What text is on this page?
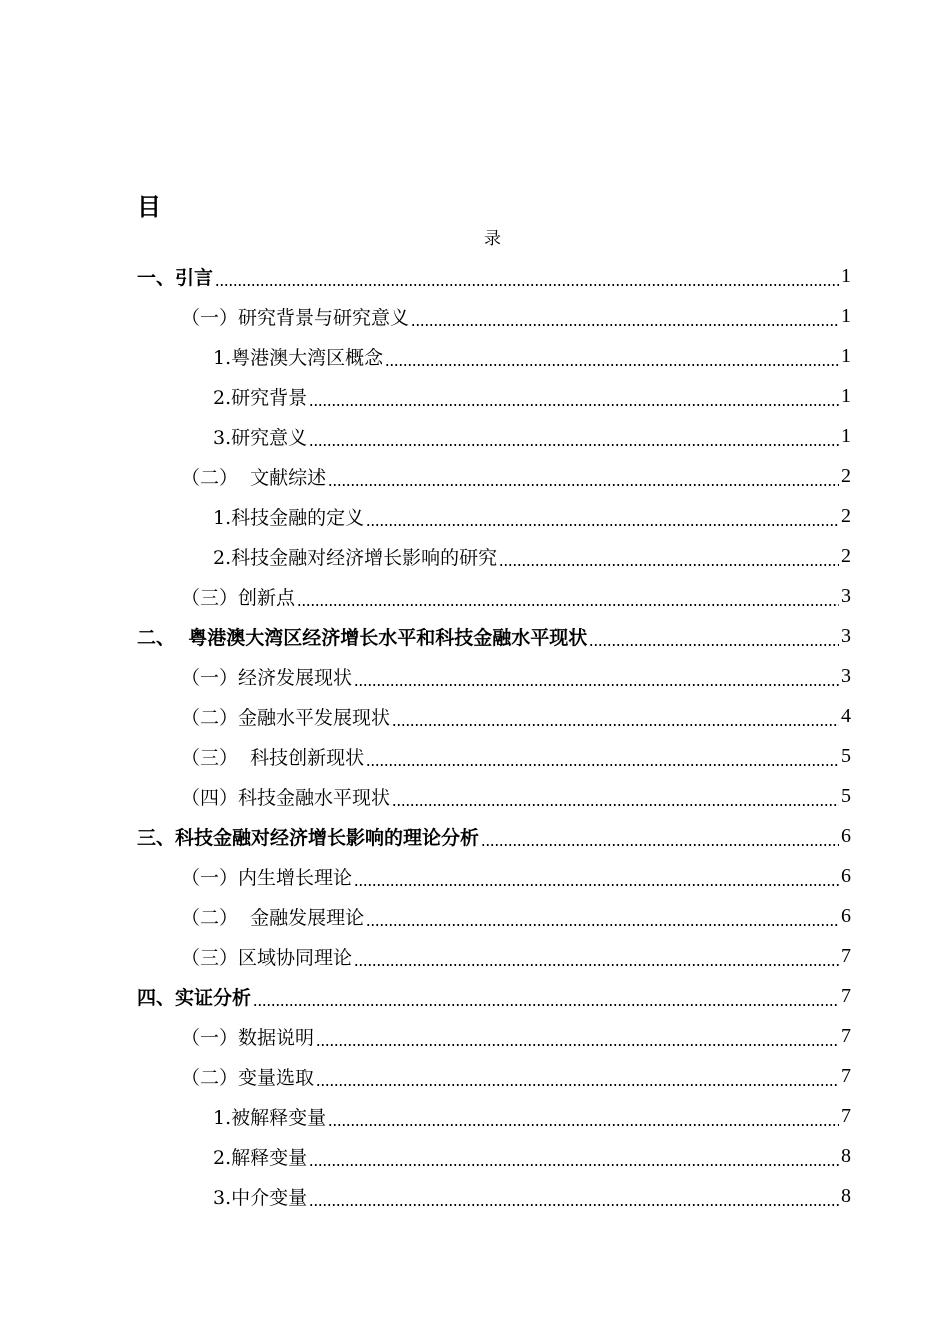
目
录
一、引言	1
（一）研究背景与研究意义	1
1.粤港澳大湾区概念	1
2.研究背景	1
3.研究意义	1
（二）  文献综述	2
1.科技金融的定义	2
2.科技金融对经济增长影响的研究	2
（三）创新点	3
二、  粤港澳大湾区经济增长水平和科技金融水平现状	3
（一）经济发展现状	3
（二）金融水平发展现状	4
（三）  科技创新现状	5
（四）科技金融水平现状	5
三、科技金融对经济增长影响的理论分析	6
（一）内生增长理论	6
（二）  金融发展理论	6
（三）区域协同理论	7
四、实证分析	7
（一）数据说明	7
（二）变量选取	7
1.被解释变量	7
2.解释变量	8
3.中介变量	8
